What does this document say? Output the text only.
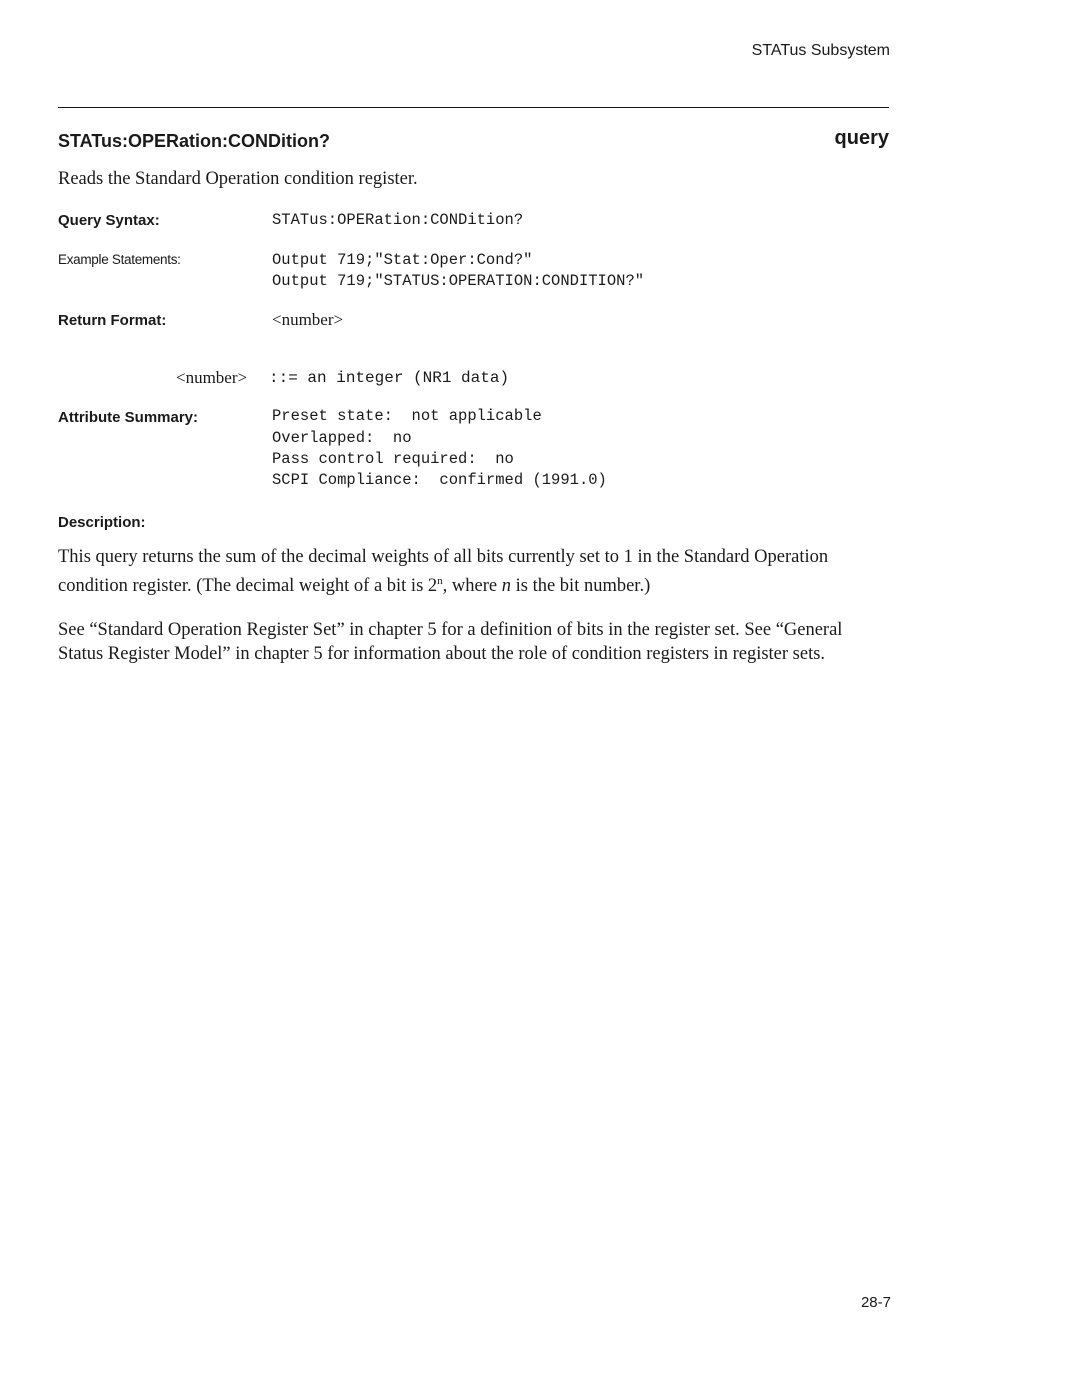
STATus Subsystem
STATus:OPERation:CONDition?	query
Reads the Standard Operation condition register.
Query Syntax:	STATus:OPERation:CONDition?
Example Statements:	Output 719;"Stat:Oper:Cond?"
Output 719;"STATUS:OPERATION:CONDITION?"
Return Format:	<number>
<number> ::= an integer (NR1 data)
Attribute Summary:	Preset state:  not applicable
Overlapped:  no
Pass control required:  no
SCPI Compliance:  confirmed (1991.0)
Description:
This query returns the sum of the decimal weights of all bits currently set to 1 in the Standard Operation condition register. (The decimal weight of a bit is 2$^n$, where n is the bit number.)
See “Standard Operation Register Set” in chapter 5 for a definition of bits in the register set. See “General Status Register Model” in chapter 5 for information about the role of condition registers in register sets.
28-7
